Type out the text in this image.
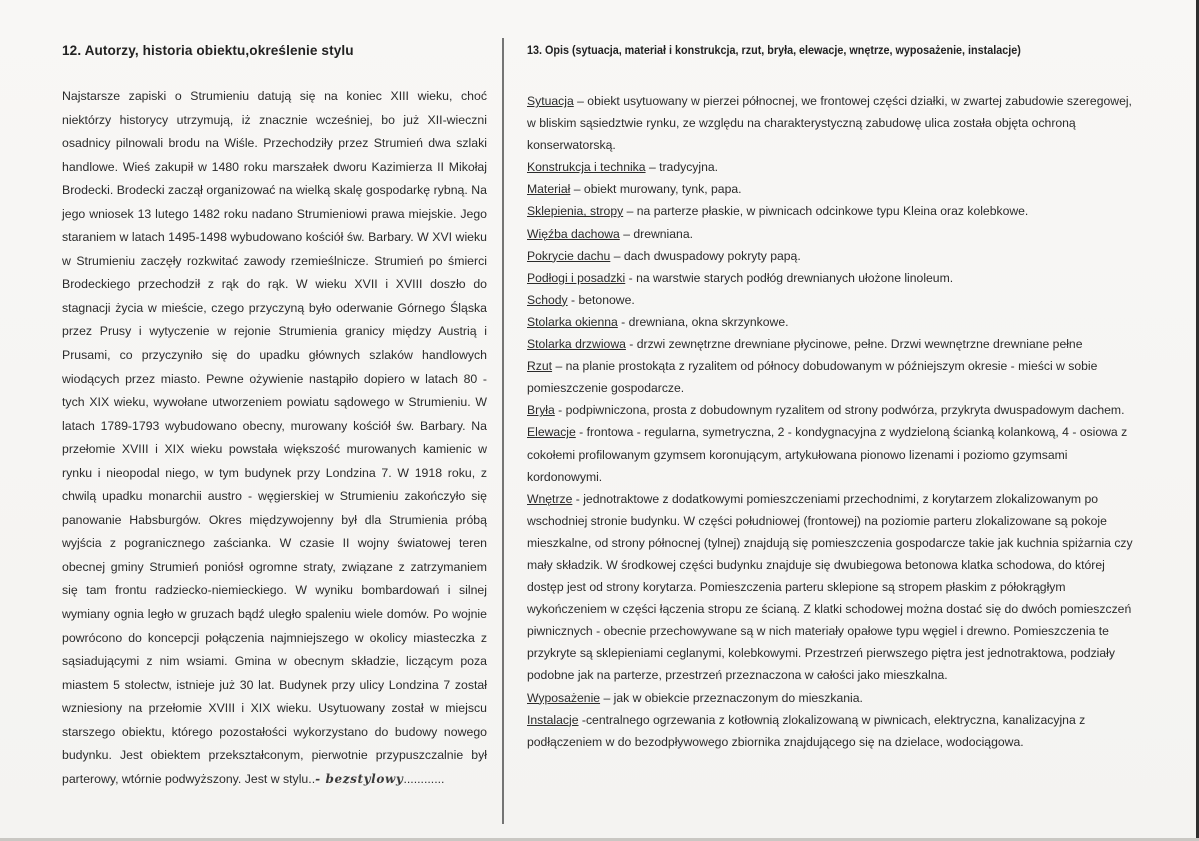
12. Autorzy, historia obiektu,określenie stylu
Najstarsze zapiski o Strumieniu datują się na koniec XIII wieku, choć niektórzy historycy utrzymują, iż znacznie wcześniej, bo już XII-wieczni osadnicy pilnowali brodu na Wiśle. Przechodziły przez Strumień dwa szlaki handlowe. Wieś zakupił w 1480 roku marszałek dworu Kazimierza II Mikołaj Brodecki. Brodecki zaczął organizować na wielką skalę gospodarkę rybną. Na jego wniosek 13 lutego 1482 roku nadano Strumieniowi prawa miejskie. Jego staraniem w latach 1495-1498 wybudowano kościół św. Barbary. W XVI wieku w Strumieniu zaczęły rozkwitać zawody rzemieślnicze. Strumień po śmierci Brodeckiego przechodził z rąk do rąk. W wieku XVII i XVIII doszło do stagnacji życia w mieście, czego przyczyną było oderwanie Górnego Śląska przez Prusy i wytyczenie w rejonie Strumienia granicy między Austrią i Prusami, co przyczyniło się do upadku głównych szlaków handlowych wiodących przez miasto. Pewne ożywienie nastąpiło dopiero w latach 80 - tych XIX wieku, wywołane utworzeniem powiatu sądowego w Strumieniu. W latach 1789-1793 wybudowano obecny, murowany kościół św. Barbary. Na przełomie XVIII i XIX wieku powstała większość murowanych kamienic w rynku i nieopodal niego, w tym budynek przy Londzina 7. W 1918 roku, z chwilą upadku monarchii austro - węgierskiej w Strumieniu zakończyło się panowanie Habsburgów. Okres międzywojenny był dla Strumienia próbą wyjścia z pogranicznego zaścianka. W czasie II wojny światowej teren obecnej gminy Strumień poniósł ogromne straty, związane z zatrzymaniem się tam frontu radziecko-niemieckiego. W wyniku bombardowań i silnej wymiany ognia legło w gruzach bądź uległo spaleniu wiele domów. Po wojnie powrócono do koncepcji połączenia najmniejszego w okolicy miasteczka z sąsiadującymi z nim wsiami. Gmina w obecnym składzie, liczącym poza miastem 5 stolectw, istnieje już 30 lat. Budynek przy ulicy Londzina 7 został wzniesiony na przełomie XVIII i XIX wieku. Usytuowany został w miejscu starszego obiektu, którego pozostałości wykorzystano do budowy nowego budynku. Jest obiektem przekształconym, pierwotnie przypuszczalnie był parterowy, wtórnie podwyższony. Jest w stylu..- bezstylowy............
13. Opis (sytuacja, materiał i konstrukcja, rzut, bryła, elewacje, wnętrze, wyposażenie, instalacje)
Sytuacja – obiekt usytuowany w pierzei północnej, we frontowej części działki, w zwartej zabudowie szeregowej, w bliskim sąsiedztwie rynku, ze względu na charakterystyczną zabudowę ulica została objęta ochroną konserwatorską.
Konstrukcja i technika – tradycyjna.
Materiał – obiekt murowany, tynk, papa.
Sklepienia, stropy – na parterze płaskie, w piwnicach odcinkowe typu Kleina oraz kolebkowe.
Więźba dachowa – drewniana.
Pokrycie dachu – dach dwuspadowy pokryty papą.
Podłogi i posadzki - na warstwie starych podłóg drewnianych ułożone linoleum.
Schody - betonowe.
Stolarka okienna - drewniana, okna skrzynkowe.
Stolarka drzwiowa - drzwi zewnętrzne drewniane płycinowe, pełne. Drzwi wewnętrzne drewniane pełne
Rzut – na planie prostokąta z ryzalitem od północy dobudowanym w późniejszym okresie - mieści w sobie pomieszczenie gospodarcze.
Bryła - podpiwniczona, prosta z dobudownym ryzalitem od strony podwórza, przykryta dwuspadowym dachem.
Elewacje - frontowa - regularna, symetryczna, 2 - kondygnacyjna z wydzieloną ścianką kolankową, 4 - osiowa z cokołemi profilowanym gzymsem koronującym, artykułowana pionowo lizenami i poziomo gzymsami kordonowymi.
Wnętrze - jednotraktowe z dodatkowymi pomieszczeniami przechodnimi, z korytarzem zlokalizowanym po wschodniej stronie budynku. W części południowej (frontowej) na poziomie parteru zlokalizowane są pokoje mieszkalne, od strony północnej (tylnej) znajdują się pomieszczenia gospodarcze takie jak kuchnia spiżarnia czy mały składzik. W środkowej części budynku znajduje się dwubiegowa betonowa klatka schodowa, do której dostęp jest od strony korytarza. Pomieszczenia parteru sklepione są stropem płaskim z półokrągłym wykończeniem w części łączenia stropu ze ścianą. Z klatki schodowej można dostać się do dwóch pomieszczeń piwnicznych - obecnie przechowywane są w nich materiały opałowe typu węgiel i drewno. Pomieszczenia te przykryte są sklepieniami ceglanymi, kolebkowymi. Przestrzeń pierwszego piętra jest jednotraktowa, podziały podobne jak na parterze, przestrzeń przeznaczona w całości jako mieszkalna.
Wyposażenie – jak w obiekcie przeznaczonym do mieszkania.
Instalacje -centralnego ogrzewania z kotłownią zlokalizowaną w piwnicach, elektryczna, kanalizacyjna z podłączeniem w do bezodpływowego zbiornika znajdującego się na dzielace, wodociągowa.
